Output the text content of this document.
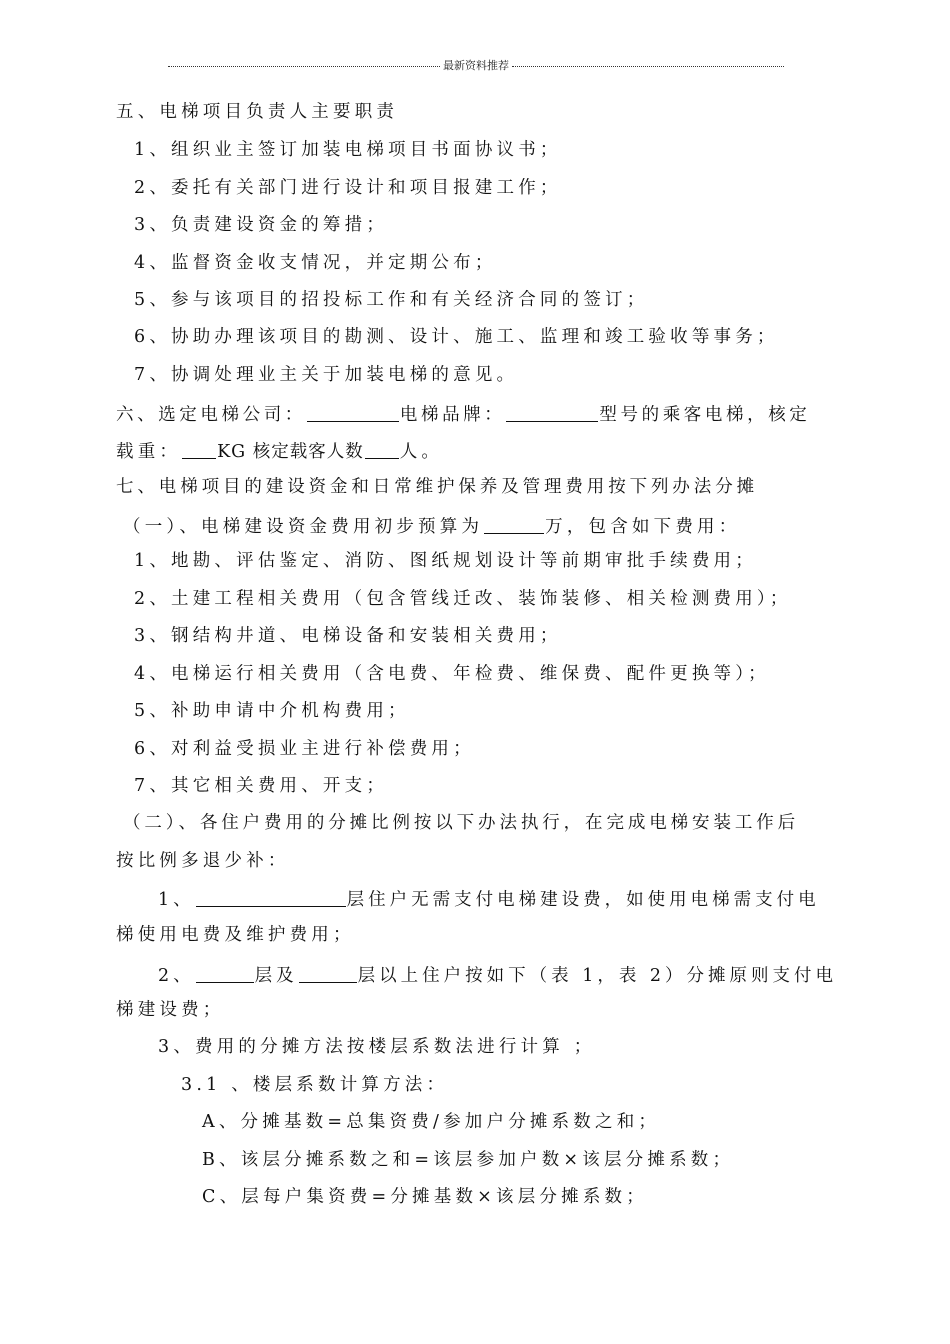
最新资料推荐
五、电梯项目负责人主要职责
1、组织业主签订加装电梯项目书面协议书；
2、委托有关部门进行设计和项目报建工作；
3、负责建设资金的筹措；
4、监督资金收支情况，并定期公布；
5、参与该项目的招投标工作和有关经济合同的签订；
6、协助办理该项目的勘测、设计、施工、监理和竣工验收等事务；
7、协调处理业主关于加装电梯的意见。
六、选定电梯公司：	电梯品牌：	型号的乘客电梯，核定
载重： KG 核定载客人数 人。
七、电梯项目的建设资金和日常维护保养及管理费用按下列办法分摊
（一）、电梯建设资金费用初步预算为	万，包含如下费用：
1、地勘、评估鉴定、消防、图纸规划设计等前期审批手续费用；
2、土建工程相关费用（包含管线迁改、装饰装修、相关检测费用）；
3、钢结构井道、电梯设备和安装相关费用；
4、电梯运行相关费用（含电费、年检费、维保费、配件更换等）；
5、补助申请中介机构费用；
6、对利益受损业主进行补偿费用；
7、其它相关费用、开支；
（二）、各住户费用的分摊比例按以下办法执行，在完成电梯安装工作后
按比例多退少补：
1、	层住户无需支付电梯建设费，如使用电梯需支付电
梯使用电费及维护费用；
2、	层及	层以上住户按如下（表 1，表 2）分摊原则支付电
梯建设费；
3、费用的分摊方法按楼层系数法进行计算 ；
3.1 、楼层系数计算方法：
A、分摊基数=总集资费/参加户分摊系数之和；
B、该层分摊系数之和=该层参加户数×该层分摊系数；
C、层每户集资费=分摊基数×该层分摊系数；
